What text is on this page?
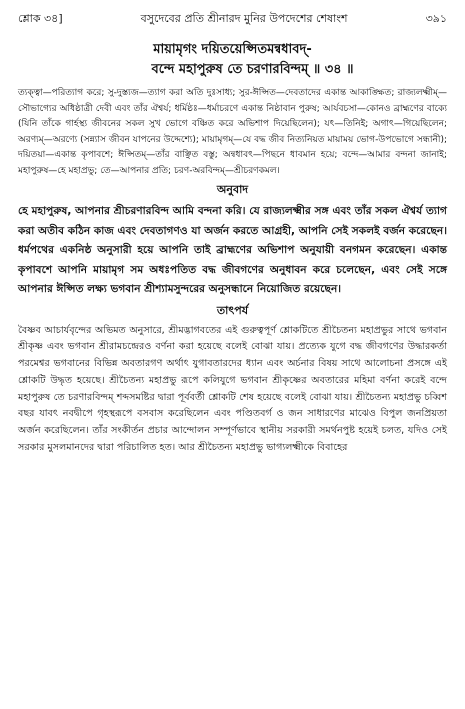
শ্লোক ৩৪]	বসুদেবের প্রতি শ্রীনারদ মুনির উপদেশের শেষাংশ	৩৯১
মায়ামৃগং দয়িতয়েপ্সিতমন্বধাবদ্-
বন্দে মহাপুরুষ তে চরণারবিন্দম্ ॥ ৩৪ ॥
ত্যক্ত্বা—পরিত্যাগ করে; সু-দুস্ত্যজ—ত্যাগ করা অতি দুঃসাধ্য; সুর-ঈপ্সিত—দেবতাদের একান্ত আকাঙ্ক্ষিত; রাজ্যলক্ষ্মীম্—সৌভাগ্যের অধিষ্ঠাত্রী দেবী এবং তাঁর ঐশ্বর্য; ধর্মিষ্ঠঃ—ধর্মাচরণে একান্ত নিষ্ঠাবান পুরুষ; আর্যবচসা—কোনও ব্রাহ্মণের বাক্যে (যিনি তাঁকে গার্হস্থ্য জীবনের সকল সুখ ভোগে বঞ্চিত করে অভিশাপ দিয়েছিলেন); যৎ—তিনিই; অগাৎ—গিয়েছিলেন; অরণ্যম্—অরণ্যে (সন্ন্যাস জীবন যাপনের উদ্দেশ্যে); মায়ামৃগম্—যে বদ্ধ জীব নিত্যনিয়ত মায়াময় ভোগ-উপভোগে সন্ধানী); দয়িতয়া—একান্ত কৃপাবশে; ঈপ্সিতম্—তাঁর বাঞ্ছিত বস্তু; অন্বধাবৎ—পিছনে ধাবমান হয়ে; বন্দে—আমার বন্দনা জানাই; মহাপুরুষ—হে মহাপ্রভু; তে—আপনার প্রতি; চরণ-অরবিন্দম্—শ্রীচরণকমল।
অনুবাদ
হে মহাপুরুষ, আপনার শ্রীচরণারবিন্দ আমি বন্দনা করি। যে রাজ্যলক্ষ্মীর সঙ্গ এবং তাঁর সকল ঐশ্বর্য ত্যাগ করা অতীব কঠিন কাজ এবং দেবতাগণও যা অর্জন করতে আগ্রহী, আপনি সেই সকলই বর্জন করেছেন। ধর্মপথের একনিষ্ঠ অনুসারী হয়ে আপনি তাই ব্রাহ্মণের অভিশাপ অনুযায়ী বনগমন করেছেন। একান্ত কৃপাবশে আপনি মায়ামৃগ সম অধঃপতিত বদ্ধ জীবগণের অনুধাবন করে চলেছেন, এবং সেই সঙ্গে আপনার ঈপ্সিত লক্ষ্য ভগবান শ্রীশ্যামসুন্দরের অনুসন্ধানে নিয়োজিত রয়েছেন।
তাৎপর্য

বৈষ্ণব আচার্যবৃন্দের অভিমত অনুসারে, শ্রীমদ্ভাগবতের এই গুরুত্বপূর্ণ শ্লোকটিতে শ্রীচৈতন্য মহাপ্রভুর সাথে ভগবান শ্রীকৃষ্ণ এবং ভগবান শ্রীরামচন্দ্রেরও বর্ণনা করা হয়েছে বলেই বোঝা যায়। প্রত্যেক যুগে বদ্ধ জীবগণের উদ্ধারকর্তা পরমেশ্বর ভগবানের বিভিন্ন অবতারগণ অর্থাৎ যুগাবতারদের ধ্যান এবং অর্চনার বিষয় সাথে আলোচনা প্রসঙ্গে এই শ্লোকটি উদ্ধৃত হয়েছে। শ্রীচৈতন্য মহাপ্রভু রূপে কলিযুগে ভগবান শ্রীকৃষ্ণের অবতারের মহিমা বর্ণনা করেই বন্দে মহাপুরুষ তে চরণারবিন্দম্ শব্দসমষ্টির দ্বারা পূর্ববর্তী শ্লোকটি শেষ হয়েছে বলেই বোঝা যায়। শ্রীচৈতন্য মহাপ্রভু চব্বিশ বছর যাবৎ নবদ্বীপে গৃহস্থরূপে বসবাস করেছিলেন এবং পণ্ডিতবর্গ ও জন সাধারণের মাঝেও বিপুল জনপ্রিয়তা অর্জন করেছিলেন। তাঁর সংকীর্তন প্রচার আন্দোলন সম্পূর্ণভাবে স্থানীয় সরকারী সমর্থনপুষ্ট হয়েই চলত, যদিও সেই সরকার মুসলমানদের দ্বারা পরিচালিত হত। আর শ্রীচৈতন্য মহাপ্রভু ভাগ্যলক্ষ্মীকে বিবাহের
